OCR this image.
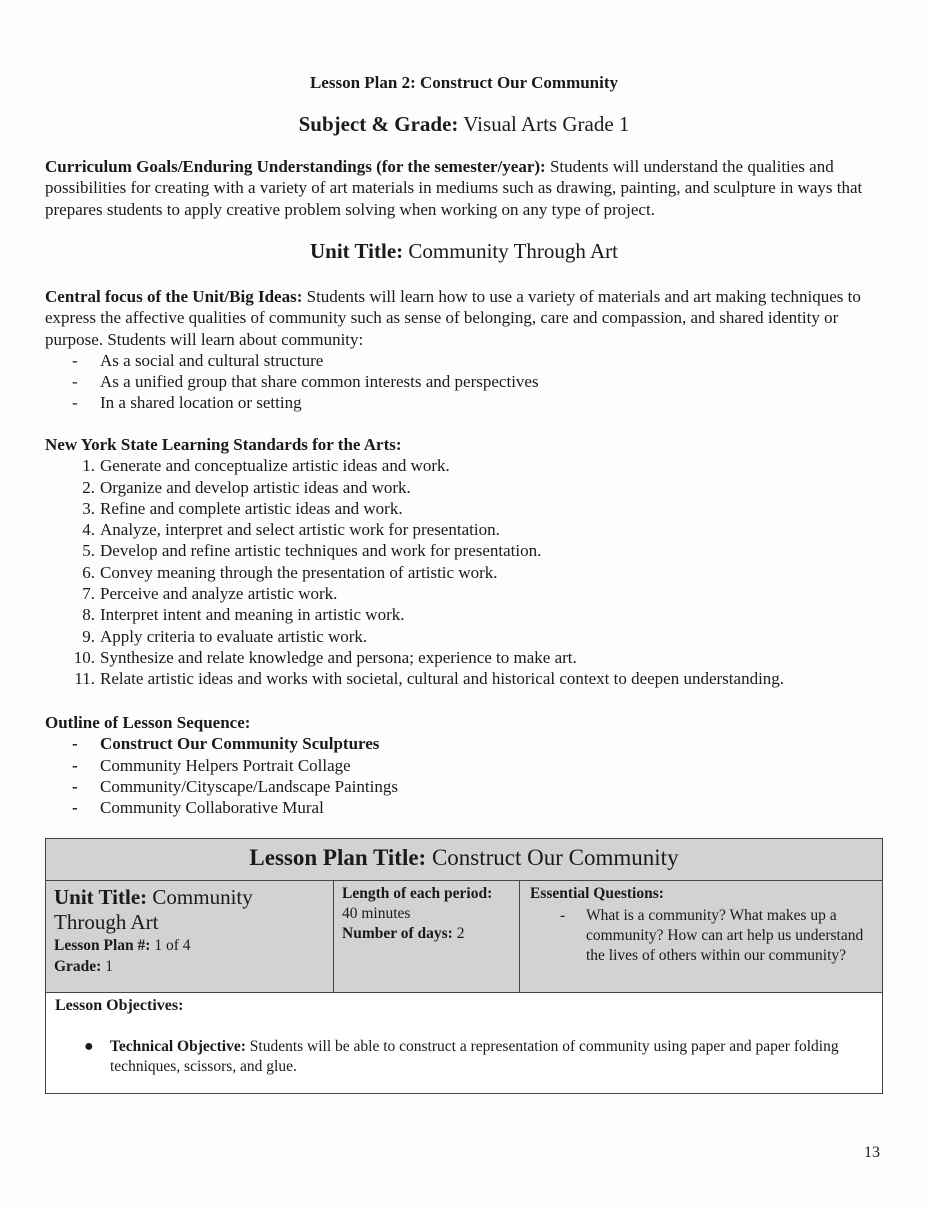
Lesson Plan 2: Construct Our Community
Subject & Grade: Visual Arts Grade 1
Curriculum Goals/Enduring Understandings (for the semester/year): Students will understand the qualities and possibilities for creating with a variety of art materials in mediums such as drawing, painting, and sculpture in ways that prepares students to apply creative problem solving when working on any type of project.
Unit Title: Community Through Art
Central focus of the Unit/Big Ideas: Students will learn how to use a variety of materials and art making techniques to express the affective qualities of community such as sense of belonging, care and compassion, and shared identity or purpose. Students will learn about community:
- As a social and cultural structure
- As a unified group that share common interests and perspectives
- In a shared location or setting
New York State Learning Standards for the Arts:
1. Generate and conceptualize artistic ideas and work.
2. Organize and develop artistic ideas and work.
3. Refine and complete artistic ideas and work.
4. Analyze, interpret and select artistic work for presentation.
5. Develop and refine artistic techniques and work for presentation.
6. Convey meaning through the presentation of artistic work.
7. Perceive and analyze artistic work.
8. Interpret intent and meaning in artistic work.
9. Apply criteria to evaluate artistic work.
10. Synthesize and relate knowledge and persona; experience to make art.
11. Relate artistic ideas and works with societal, cultural and historical context to deepen understanding.
Outline of Lesson Sequence:
- Construct Our Community Sculptures
- Community Helpers Portrait Collage
- Community/Cityscape/Landscape Paintings
- Community Collaborative Mural
Lesson Plan Title: Construct Our Community
Unit Title: Community Through Art
Lesson Plan #: 1 of 4
Grade: 1
Length of each period:
40 minutes
Number of days: 2
Essential Questions:
- What is a community? What makes up a community? How can art help us understand the lives of others within our community?
Lesson Objectives:
● Technical Objective: Students will be able to construct a representation of community using paper and paper folding techniques, scissors, and glue.
13
